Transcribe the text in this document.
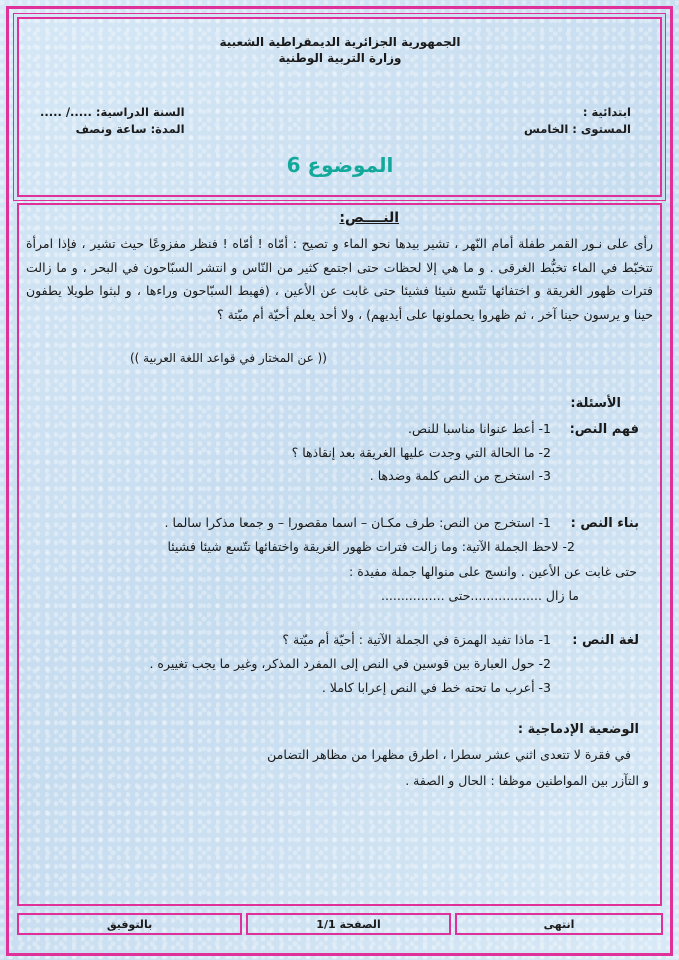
الجمهورية الجزائرية الديمقراطية الشعبية
وزارة التربية الوطنية
ابتدائية :
المستوى : الخامس
السنة الدراسية: ...../ .....
المدة: ساعة ونصف
الموضوع 6
النــــص:
رأى على نـور القمر طفلة أمام النّهر ، تشير بيدها نحو الماء و تصيح : أمّاه ! أمّاه ! فنظر مفزوعًا حيث تشير ، فإذا امرأة تتخبّط في الماء تخبُّط الغرقى . و ما هي إلا لحظات حتى اجتمع كثير من النّاس و انتشر السبّاحون في البحر ، و ما زالت فترات ظهور الغريقة و اختفائها تتّسع شيئا فشيئا حتى غابت عن الأعين ، (فهبط السبّاحون وراءها ، و لبثوا طويلا يطفون حينا و يرسون حينا آخر ، ثم ظهروا يحملونها على أيديهم) ، ولا أحد يعلم أحيّة أم ميّتة ؟
(( عن المختار في قواعد اللغة العربية ))
الأسئلة:
فهم النص:
1- أعط عنوانا مناسبا للنص.
2- ما الحالة التي وجدت عليها الغريقة بعد إنقاذها ؟
3- استخرج من النص كلمة وضدها .
بناء النص :
1- استخرج من النص: طرف مكـان – اسما مقصورا – و جمعا مذكرا سالما .
2- لاحظ الجملة الآتية: وما زالت فترات ظهور الغريقة واختفائها تتّسع شيئا فشيئا
حتى غابت عن الأعين . وانسج على منوالها جملة مفيدة :
ما زال ..................حتى ................
لغة النص :
1- ماذا تفيد الهمزة في الجملة الآتية : أحيّة أم ميّتة ؟
2- حول العبارة بين قوسين في النص إلى المفرد المذكر، وغير ما يجب تغييره .
3- أعرب ما تحته خط في النص إعرابا كاملا .
الوضعية الإدماجية :
في فقرة لا تتعدى اثني عشر سطرا ، اطرق مظهرا من مظاهر التضامن
و التآزر بين المواطنين موظفا : الحال و الصفة .
انتهى
الصفحة 1/1
بالتوفيق
